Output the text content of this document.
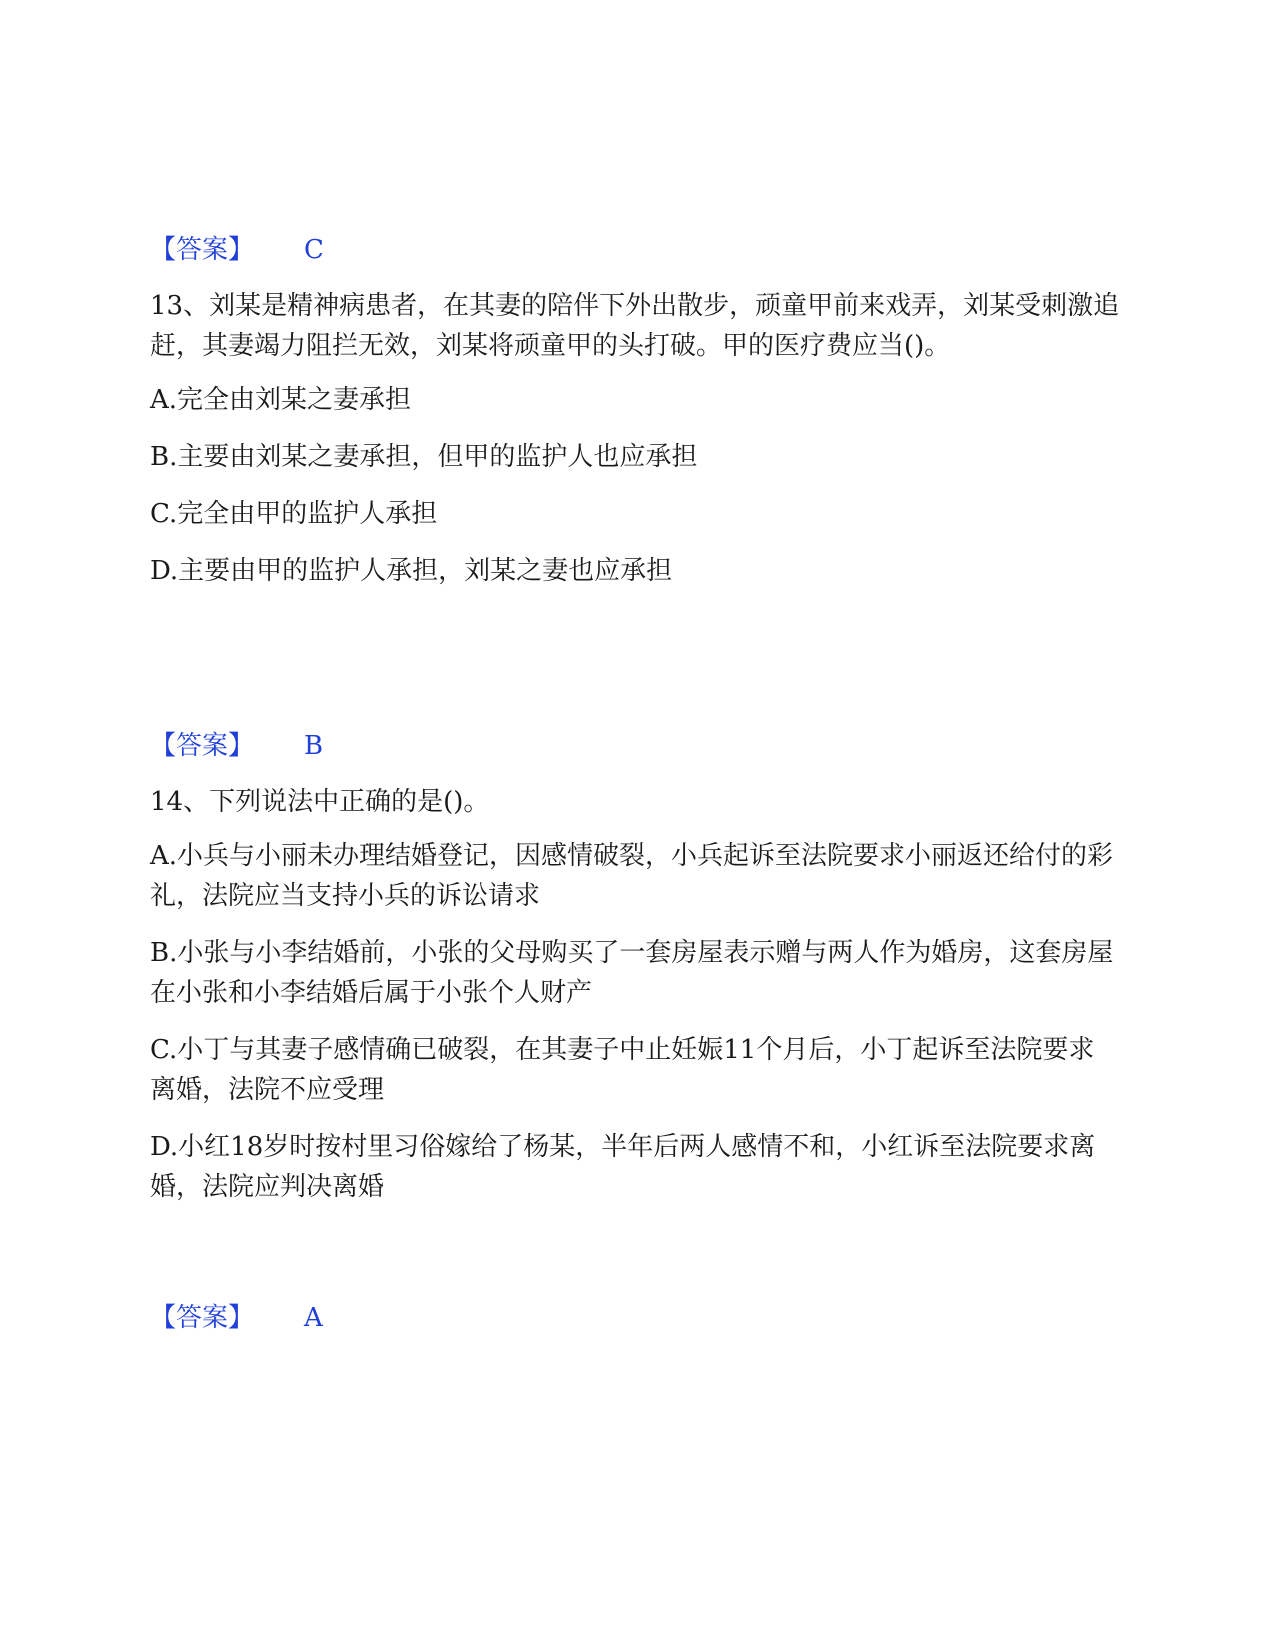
【答案】 C

13、刘某是精神病患者，在其妻的陪伴下外出散步，顽童甲前来戏弄，刘某受刺激追赶，其妻竭力阻拦无效，刘某将顽童甲的头打破。甲的医疗费应当()。

A.完全由刘某之妻承担

B.主要由刘某之妻承担，但甲的监护人也应承担

C.完全由甲的监护人承担

D.主要由甲的监护人承担，刘某之妻也应承担

【答案】 B

14、下列说法中正确的是()。

A.小兵与小丽未办理结婚登记，因感情破裂，小兵起诉至法院要求小丽返还给付的彩礼，法院应当支持小兵的诉讼请求

B.小张与小李结婚前，小张的父母购买了一套房屋表示赠与两人作为婚房，这套房屋在小张和小李结婚后属于小张个人财产

C.小丁与其妻子感情确已破裂，在其妻子中止妊娠11个月后，小丁起诉至法院要求离婚，法院不应受理

D.小红18岁时按村里习俗嫁给了杨某，半年后两人感情不和，小红诉至法院要求离婚，法院应判决离婚

【答案】 A
